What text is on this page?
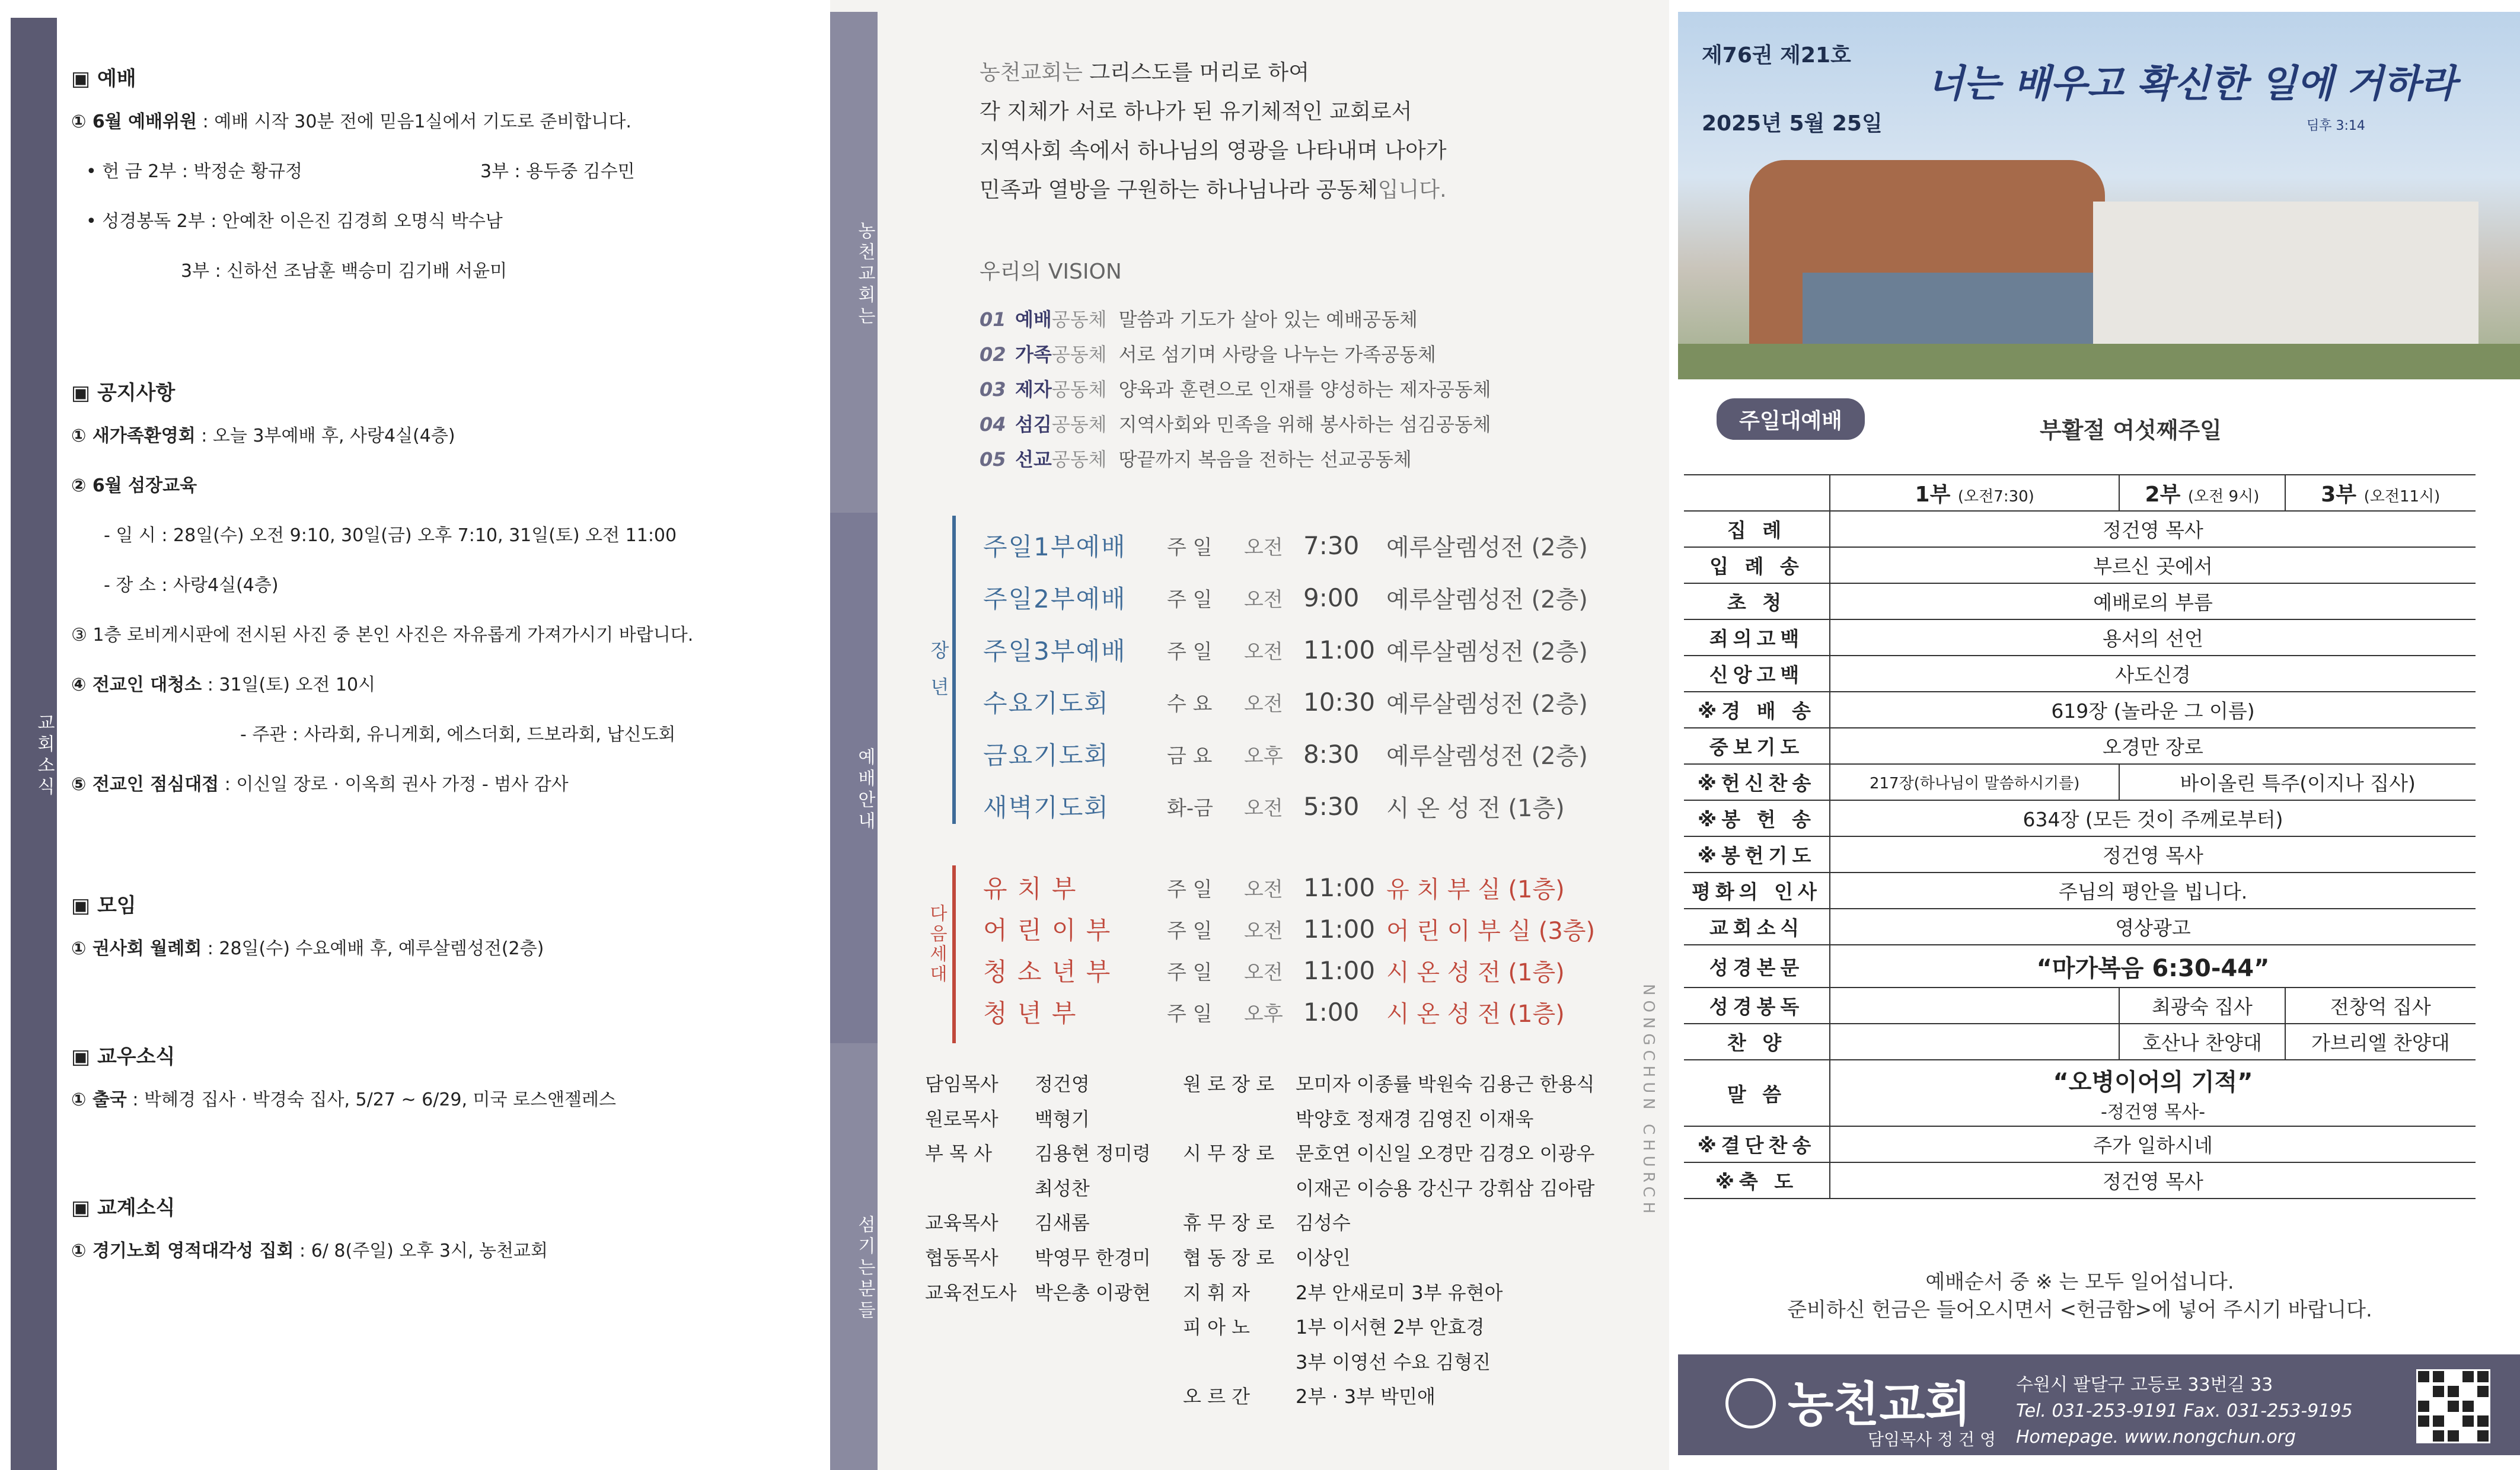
교회소식
▣ 예배
① 6월 예배위원 : 예배 시작 30분 전에 믿음1실에서 기도로 준비합니다.
• 헌 금 2부 : 박정순 황규정	3부 : 용두중 김수민
• 성경봉독 2부 : 안예찬 이은진 김경희 오명식 박수남
3부 : 신하선 조남훈 백승미 김기배 서윤미
▣ 공지사항
① 새가족환영회 : 오늘 3부예배 후, 사랑4실(4층)
② 6월 섬장교육
- 일 시 : 28일(수) 오전 9:10, 30일(금) 오후 7:10, 31일(토) 오전 11:00
- 장 소 : 사랑4실(4층)
③ 1층 로비게시판에 전시된 사진 중 본인 사진은 자유롭게 가져가시기 바랍니다.
④ 전교인 대청소 : 31일(토) 오전 10시
- 주관 : 사라회, 유니게회, 에스더회, 드보라회, 납신도회
⑤ 전교인 점심대접 : 이신일 장로 · 이옥희 권사 가정 - 범사 감사
▣ 모임
① 권사회 월례회 : 28일(수) 수요예배 후, 예루살렘성전(2층)
▣ 교우소식
① 출국 : 박혜경 집사 · 박경숙 집사, 5/27 ~ 6/29, 미국 로스앤젤레스
▣ 교계소식
① 경기노회 영적대각성 집회 : 6/ 8(주일) 오후 3시, 농천교회
농천교회는
예배안내
섬기는분들
농천교회는 그리스도를 머리로 하여
각 지체가 서로 하나가 된 유기체적인 교회로서
지역사회 속에서 하나님의 영광을 나타내며 나아가
민족과 열방을 구원하는 하나님나라 공동체입니다.
우리의 VISION
01 예배공동체 말씀과 기도가 살아 있는 예배공동체
02 가족공동체 서로 섬기며 사랑을 나누는 가족공동체
03 제자공동체 양육과 훈련으로 인재를 양성하는 제자공동체
04 섬김공동체 지역사회와 민족을 위해 봉사하는 섬김공동체
05 선교공동체 땅끝까지 복음을 전하는 선교공동체
장년
주일1부예배	주 일	오전 7:30	예루살렘성전 (2층)
주일2부예배	주 일	오전 9:00	예루살렘성전 (2층)
주일3부예배	주 일	오전 11:00 예루살렘성전 (2층)
수요기도회	수 요	오전 10:30 예루살렘성전 (2층)
금요기도회	금 요	오후 8:30	예루살렘성전 (2층)
새벽기도회	화-금	오전 5:30	시 온 성 전 (1층)
다음세대
유 치 부	주 일	오전 11:00 유 치 부 실 (1층)
어 린 이 부	주 일	오전 11:00 어 린 이 부 실 (3층)
청 소 년 부	주 일	오전 11:00 시 온 성 전 (1층)
청 년 부	주 일	오후 1:00	시 온 성 전 (1층)
담임목사 정건영
원로목사 백형기
부 목 사 김용현 정미령
최성찬
교육목사 김새롬
협동목사 박영무 한경미
교육전도사 박은총 이광현
원 로 장 로 모미자 이종률 박원숙 김용근 한용식
박양호 정재경 김영진 이재욱
시 무 장 로 문호연 이신일 오경만 김경오 이광우
이재곤 이승용 강신구 강휘삼 김아람
휴 무 장 로 김성수
협 동 장 로 이상인
지 휘 자 2부 안새로미 3부 유현아
피 아 노 1부 이서현 2부 안효경
3부 이영선 수요 김형진
오 르 간 2부 · 3부 박민애
NONGCHUN CHURCH
제76권 제21호
2025년 5월 25일
너는 배우고 확신한 일에 거하라
딤후 3:14
주일대예배	부활절 여섯째주일
	1부 (오전7:30)	2부 (오전 9시)	3부 (오전11시)
집 례	정건영 목사		
입 례 송	부르신 곳에서		
초 청	예배로의 부름		
죄의고백	용서의 선언		
신앙고백	사도신경		
※경 배 송	619장 (놀라운 그 이름)		
중보기도	오경만 장로		
※헌신찬송	217장(하나님이 말씀하시기를)	바이올린 특주(이지나 집사)	
※봉 헌 송	634장 (모든 것이 주께로부터)		
※봉헌기도	정건영 목사		
평화의 인사	주님의 평안을 빕니다.		
교회소식	영상광고		
성경본문	“마가복음 6:30-44”		
성경봉독		최광숙 집사	전창억 집사
찬 양		호산나 찬양대	가브리엘 찬양대
말 씀	“오병이어의 기적”
-정건영 목사-		

※결단찬송	주가 일하시네		
※축 도	정건영 목사		
예배순서 중 ※ 는 모두 일어섭니다.
준비하신 헌금은 들어오시면서 <헌금함>에 넣어 주시기 바랍니다.
농천교회
담임목사 정 건 영
수원시 팔달구 고등로 33번길 33
Tel. 031-253-9191 Fax. 031-253-9195
Homepage. www.nongchun.org
